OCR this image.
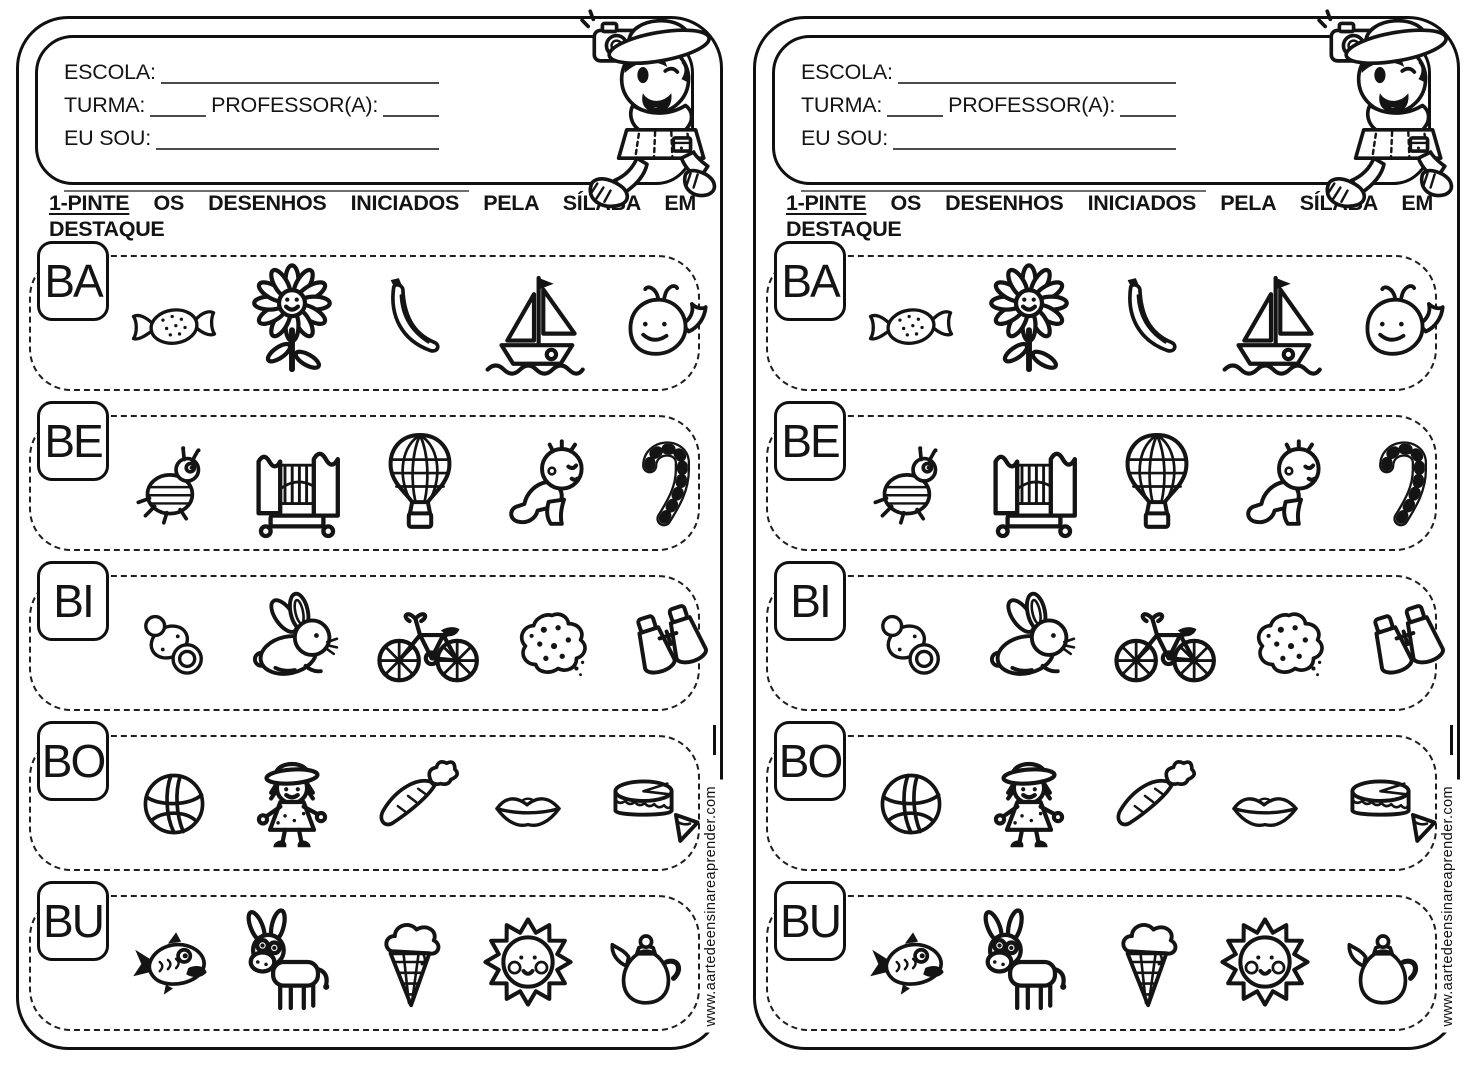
ESCOLA:
TURMA:	PROFESSOR(A):
EU SOU:

1-PINTE OS DESENHOS INICIADOS PELA SÍLABA EM DESTAQUE

BA
BE
BI
BO
BU	www.aartedeensinareaprender.com
ESCOLA:
TURMA:	PROFESSOR(A):
EU SOU:

1-PINTE OS DESENHOS INICIADOS PELA SÍLABA EM DESTAQUE

BA
BE
BI
BO
BU	www.aartedeensinareaprender.com
